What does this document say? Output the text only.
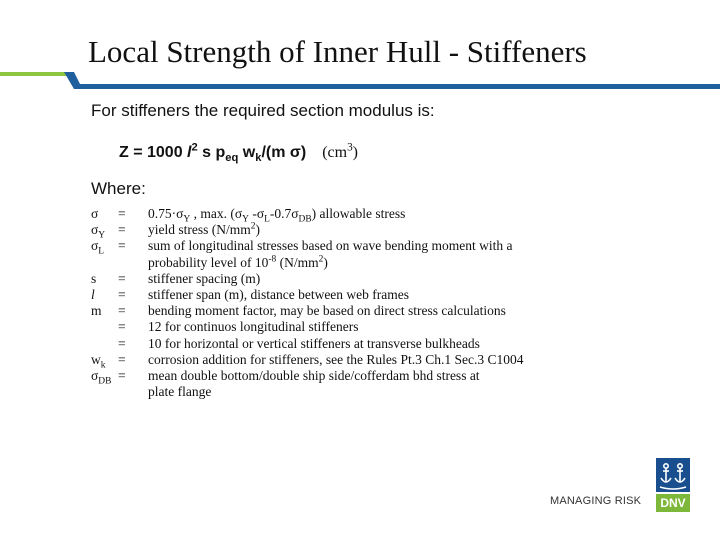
Local Strength of Inner Hull - Stiffeners
For stiffeners the required section modulus is:
Z = 1000 $l^2$ s $p_{eq}$ $w_k/(m$ σ) $(cm^3)$
Where:
σ	=	$0.75\cdot\sigma_Y$ , max. ($\sigma_Y$ $-\sigma_L-0.7\sigma_{DB}$) allowable stress
$\sigma_Y$	=	yield stress $(N/mm^2)$
$\sigma_L$	=	sum of longitudinal stresses based on wave bending moment with a
		probability level of $10^{-8}$ $(N/mm^2)$
s	=	stiffener spacing (m)
l	=	stiffener span (m), distance between web frames
m	=	bending moment factor, may be based on direct stress calculations
	=	12 for continuos longitudinal stiffeners
	=	10 for horizontal or vertical stiffeners at transverse bulkheads
$w_k$	=	corrosion addition for stiffeners, see the Rules Pt.3 Ch.1 Sec.3 C1004
$\sigma_{DB}$	=	mean double bottom/double ship side/cofferdam bhd stress at
		plate flange
DNV
MANAGING RISK
